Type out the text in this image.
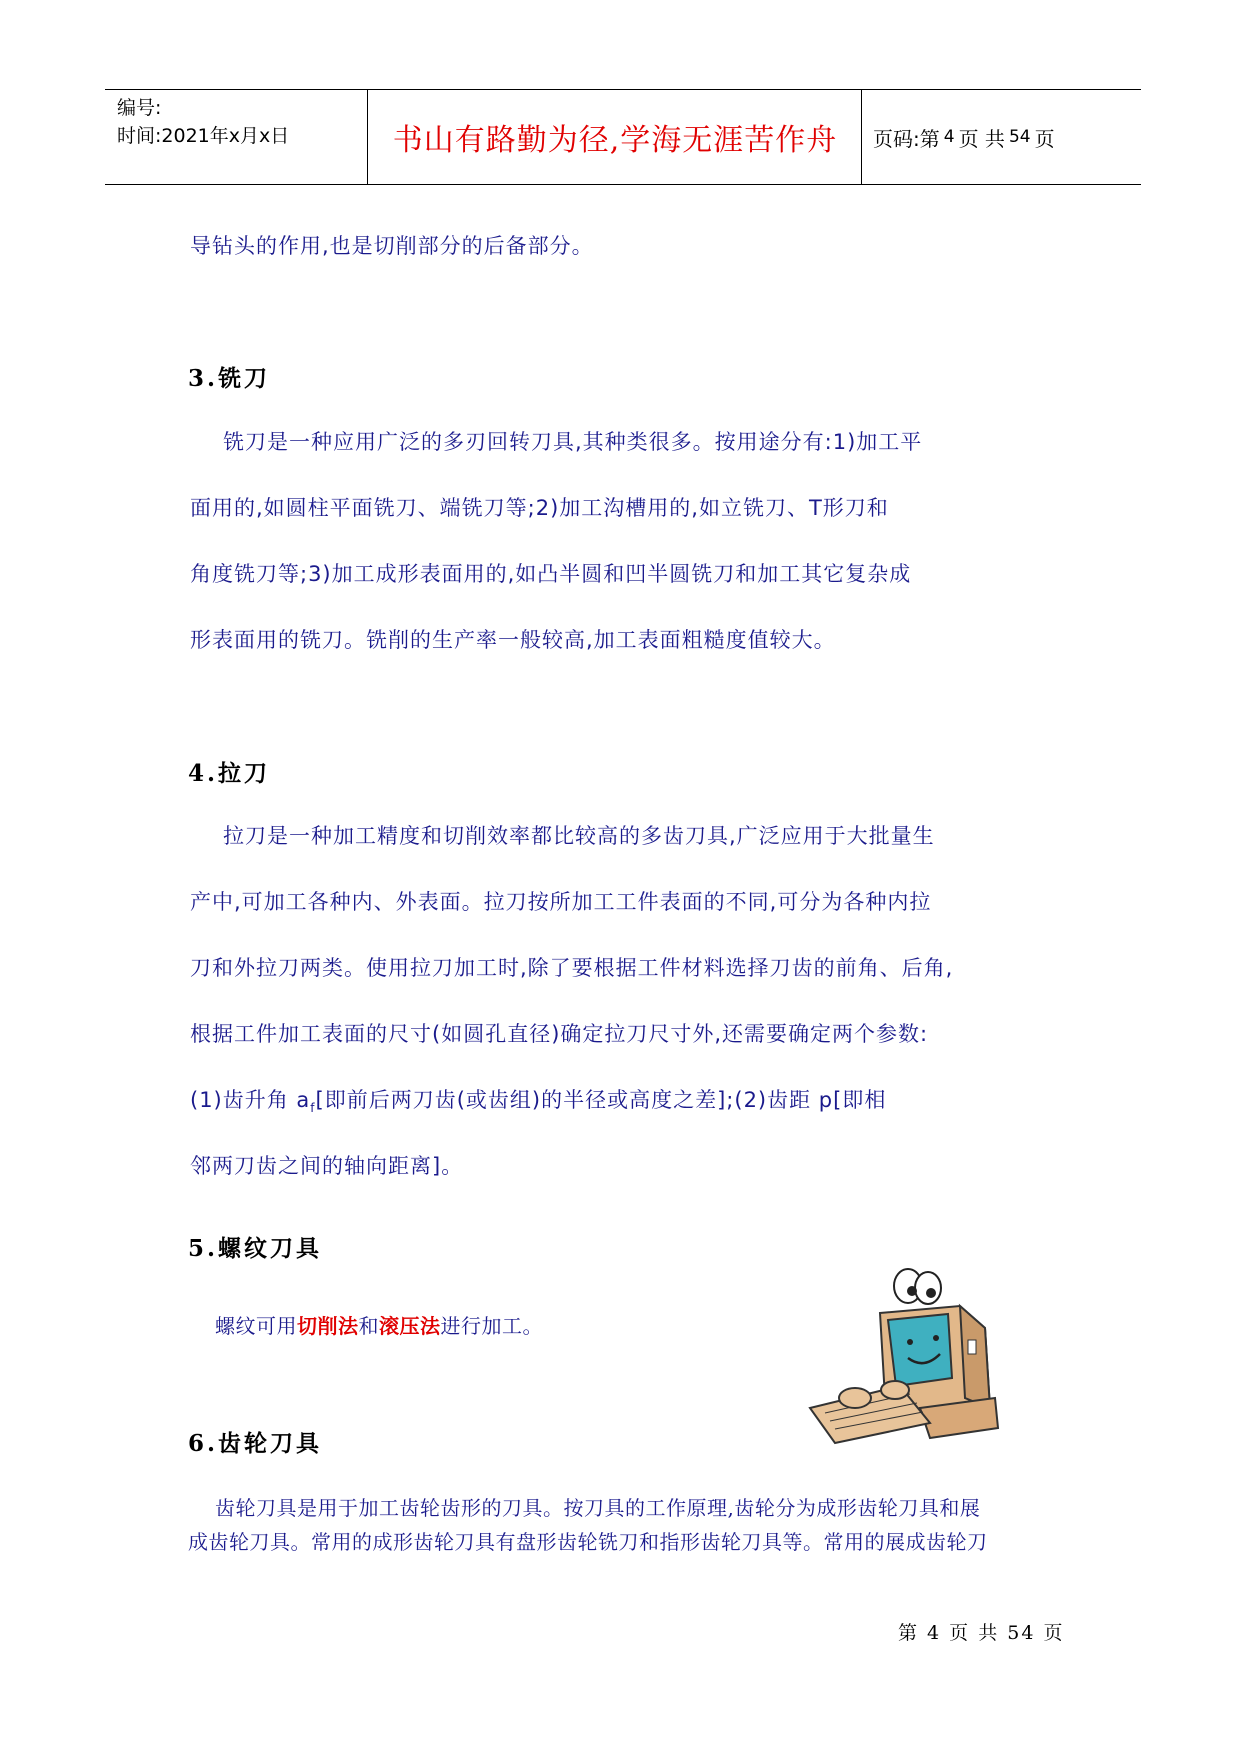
编号:
时间:2021年x月x日	书山有路勤为径,学海无涯苦作舟	页码:第 4 页 共 54 页
导钻头的作用,也是切削部分的后备部分。
3.铣刀
铣刀是一种应用广泛的多刃回转刀具,其种类很多。按用途分有:1)加工平
面用的,如圆柱平面铣刀、端铣刀等;2)加工沟槽用的,如立铣刀、T形刀和
角度铣刀等;3)加工成形表面用的,如凸半圆和凹半圆铣刀和加工其它复杂成
形表面用的铣刀。铣削的生产率一般较高,加工表面粗糙度值较大。
4.拉刀
拉刀是一种加工精度和切削效率都比较高的多齿刀具,广泛应用于大批量生
产中,可加工各种内、外表面。拉刀按所加工工件表面的不同,可分为各种内拉
刀和外拉刀两类。使用拉刀加工时,除了要根据工件材料选择刀齿的前角、后角,
根据工件加工表面的尺寸(如圆孔直径)确定拉刀尺寸外,还需要确定两个参数:
(1)齿升角 $a_f$[即前后两刀齿(或齿组)的半径或高度之差];(2)齿距 p[即相
邻两刀齿之间的轴向距离]。
5.螺纹刀具
螺纹可用切削法和滚压法进行加工。
6.齿轮刀具
齿轮刀具是用于加工齿轮齿形的刀具。按刀具的工作原理,齿轮分为成形齿轮刀具和展
成齿轮刀具。常用的成形齿轮刀具有盘形齿轮铣刀和指形齿轮刀具等。常用的展成齿轮刀
第 4 页 共 54 页
